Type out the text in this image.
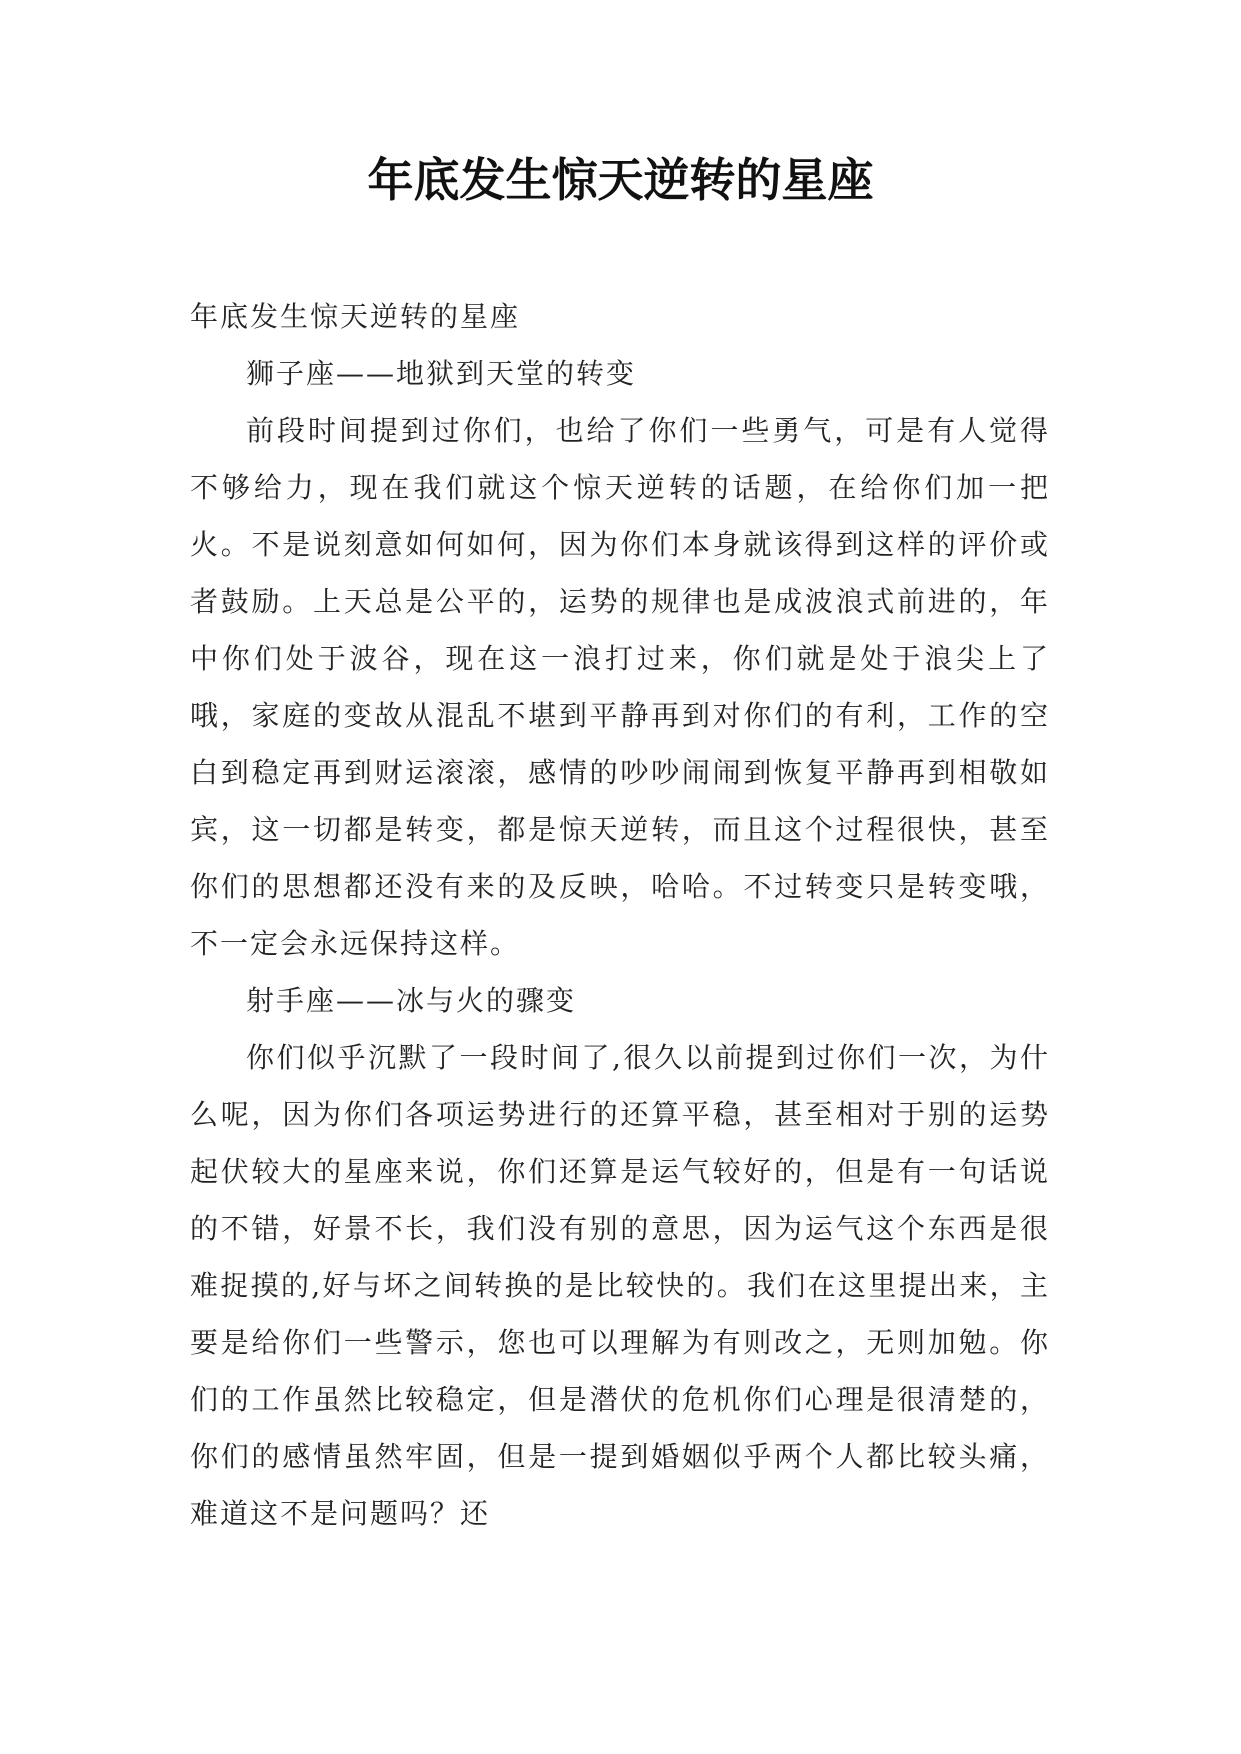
年底发生惊天逆转的星座

年底发生惊天逆转的星座

狮子座——地狱到天堂的转变

前段时间提到过你们，也给了你们一些勇气，可是有人觉得不够给力，现在我们就这个惊天逆转的话题，在给你们加一把火。不是说刻意如何如何，因为你们本身就该得到这样的评价或者鼓励。上天总是公平的，运势的规律也是成波浪式前进的，年中你们处于波谷，现在这一浪打过来，你们就是处于浪尖上了哦，家庭的变故从混乱不堪到平静再到对你们的有利，工作的空白到稳定再到财运滚滚，感情的吵吵闹闹到恢复平静再到相敬如宾，这一切都是转变，都是惊天逆转，而且这个过程很快，甚至你们的思想都还没有来的及反映，哈哈。不过转变只是转变哦，不一定会永远保持这样。

射手座——冰与火的骤变

你们似乎沉默了一段时间了,很久以前提到过你们一次，为什么呢，因为你们各项运势进行的还算平稳，甚至相对于别的运势起伏较大的星座来说，你们还算是运气较好的，但是有一句话说的不错，好景不长，我们没有别的意思，因为运气这个东西是很难捉摸的,好与坏之间转换的是比较快的。我们在这里提出来，主要是给你们一些警示，您也可以理解为有则改之，无则加勉。你们的工作虽然比较稳定，但是潜伏的危机你们心理是很清楚的，你们的感情虽然牢固，但是一提到婚姻似乎两个人都比较头痛，难道这不是问题吗？还
